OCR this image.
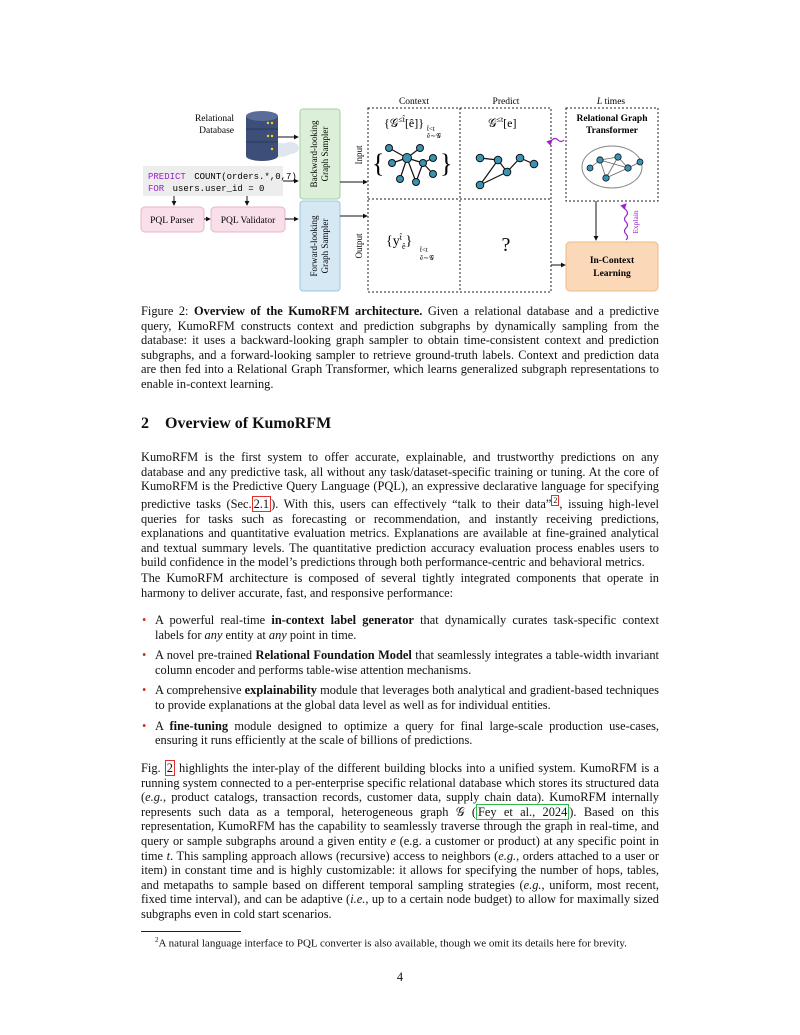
Relational
Database
PREDICT COUNT(orders.*,0,7)
FOR users.user_id = 0
PQL Parser	PQL Validator
Backward-looking Graph Sampler
Forward-looking Graph Sampler
Context	Predict	L times
Input
Output
{𝒢$^{\le t̂}$[ê]} t̂<t
ê∼𝒢
𝒢$^{\le t}$[e]
{ }
$\{y^{t̂}_ê\}$
t̂<t
ê∼𝒢
?
Relational Graph
Transformer
Explain
In-Context
Learning
Figure 2: Overview of the KumoRFM architecture. Given a relational database and a predictive query, KumoRFM constructs context and prediction subgraphs by dynamically sampling from the database: it uses a backward-looking graph sampler to obtain time-consistent context and prediction subgraphs, and a forward-looking sampler to retrieve ground-truth labels. Context and prediction data are then fed into a Relational Graph Transformer, which learns generalized subgraph representations to enable in-context learning.
2 Overview of KumoRFM

KumoRFM is the first system to offer accurate, explainable, and trustworthy predictions on any database and any predictive task, all without any task/dataset-specific training or tuning. At the core of KumoRFM is the Predictive Query Language (PQL), an expressive declarative language for specifying predictive tasks (Sec. 2.1 ). With this, users can effectively “talk to their data” $^2$ , issuing high-level queries for tasks such as forecasting or recommendation, and instantly receiving predictions, explanations and quantitative evaluation metrics. Explanations are available at fine-grained analytical and textual summary levels. The quantitative prediction accuracy evaluation process enables users to build confidence in the model’s predictions through both performance-centric and behavioral metrics.

The KumoRFM architecture is composed of several tightly integrated components that operate in harmony to deliver accurate, fast, and responsive performance:

• A powerful real-time in-context label generator that dynamically curates task-specific context labels for any entity at any point in time.
• A novel pre-trained Relational Foundation Model that seamlessly integrates a table-width invariant column encoder and performs table-wise attention mechanisms.
• A comprehensive explainability module that leverages both analytical and gradient-based techniques to provide explanations at the global data level as well as for individual entities.
• A fine-tuning module designed to optimize a query for final large-scale production use-cases, ensuring it runs efficiently at the scale of billions of predictions.

Fig. 2 highlights the inter-play of the different building blocks into a unified system. KumoRFM is a running system connected to a per-enterprise specific relational database which stores its structured data (e.g., product catalogs, transaction records, customer data, supply chain data). KumoRFM internally represents such data as a temporal, heterogeneous graph 𝒢 ( Fey et al., 2024 ). Based on this representation, KumoRFM has the capability to seamlessly traverse through the graph in real-time, and query or sample subgraphs around a given entity e (e.g. a customer or product) at any specific point in time t. This sampling approach allows (recursive) access to neighbors (e.g., orders attached to a user or item) in constant time and is highly customizable: it allows for specifying the number of hops, tables, and metapaths to sample based on different temporal sampling strategies (e.g., uniform, most recent, fixed time interval), and can be adaptive (i.e., up to a certain node budget) to allow for maximally sized subgraphs even in cold start scenarios.

$^2$A natural language interface to PQL converter is also available, though we omit its details here for brevity.
4
